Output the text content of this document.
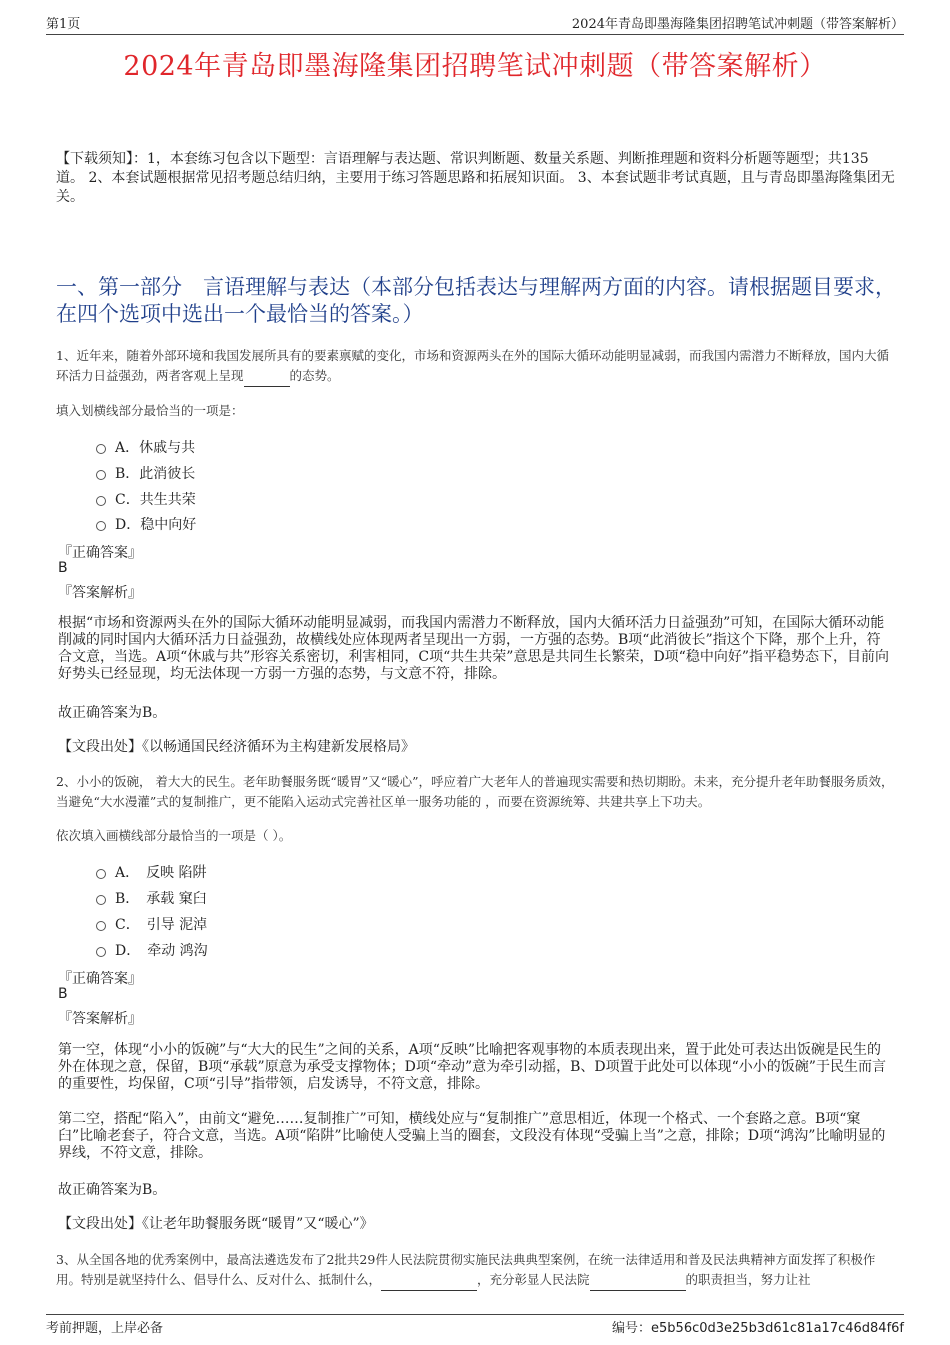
第1页	2024年青岛即墨海隆集团招聘笔试冲刺题（带答案解析）
2024年青岛即墨海隆集团招聘笔试冲刺题（带答案解析）
【下载须知】：1，本套练习包含以下题型：言语理解与表达题、常识判断题、数量关系题、判断推理题和资料分析题等题型；共135道。 2、本套试题根据常见招考题总结归纳，主要用于练习答题思路和拓展知识面。 3、本套试题非考试真题，且与青岛即墨海隆集团无关。
一、第一部分　言语理解与表达（本部分包括表达与理解两方面的内容。请根据题目要求，在四个选项中选出一个最恰当的答案。）
1、近年来，随着外部环境和我国发展所具有的要素禀赋的变化，市场和资源两头在外的国际大循环动能明显减弱，而我国内需潜力不断释放，国内大循环活力日益强劲，两者客观上呈现	的态势。
填入划横线部分最恰当的一项是：
A．休戚与共
B．此消彼长
C．共生共荣
D．稳中向好
『正确答案』
B
『答案解析』
根据“市场和资源两头在外的国际大循环动能明显减弱，而我国内需潜力不断释放，国内大循环活力日益强劲”可知，在国际大循环动能削减的同时国内大循环活力日益强劲，故横线处应体现两者呈现出一方弱，一方强的态势。B项“此消彼长”指这个下降，那个上升，符合文意，当选。A项“休戚与共”形容关系密切，利害相同，C项“共生共荣”意思是共同生长繁荣，D项“稳中向好”指平稳势态下，目前向好势头已经显现，均无法体现一方弱一方强的态势，与文意不符，排除。
故正确答案为B。
【文段出处】《以畅通国民经济循环为主构建新发展格局》
2、小小的饭碗， 着大大的民生。老年助餐服务既“暖胃”又“暖心”，呼应着广大老年人的普遍现实需要和热切期盼。未来，充分提升老年助餐服务质效，当避免“大水漫灌”式的复制推广，更不能陷入运动式完善社区单一服务功能的 ，而要在资源统筹、共建共享上下功夫。
依次填入画横线部分最恰当的一项是（ ）。
A．　反映 陷阱
B．　承载 窠臼
C．　引导 泥淖
D．　牵动 鸿沟
『正确答案』
B
『答案解析』
第一空，体现“小小的饭碗”与“大大的民生”之间的关系，A项“反映”比喻把客观事物的本质表现出来，置于此处可表达出饭碗是民生的外在体现之意，保留，B项“承载”原意为承受支撑物体；D项“牵动”意为牵引动摇，B、D项置于此处可以体现“小小的饭碗”于民生而言的重要性，均保留，C项“引导”指带领，启发诱导，不符文意，排除。
第二空，搭配“陷入”，由前文“避免……复制推广”可知，横线处应与“复制推广”意思相近，体现一个格式、一个套路之意。B项“窠臼”比喻老套子，符合文意，当选。A项“陷阱”比喻使人受骗上当的圈套，文段没有体现“受骗上当”之意，排除；D项“鸿沟”比喻明显的界线，不符文意，排除。
故正确答案为B。
【文段出处】《让老年助餐服务既“暖胃”又“暖心”》
3、从全国各地的优秀案例中，最高法遴选发布了2批共29件人民法院贯彻实施民法典典型案例，在统一法律适用和普及民法典精神方面发挥了积极作用。特别是就坚持什么、倡导什么、反对什么、抵制什么，	，充分彰显人民法院	的职责担当，努力让社
考前押题，上岸必备	编号：e5b56c0d3e25b3d61c81a17c46d84f6f
